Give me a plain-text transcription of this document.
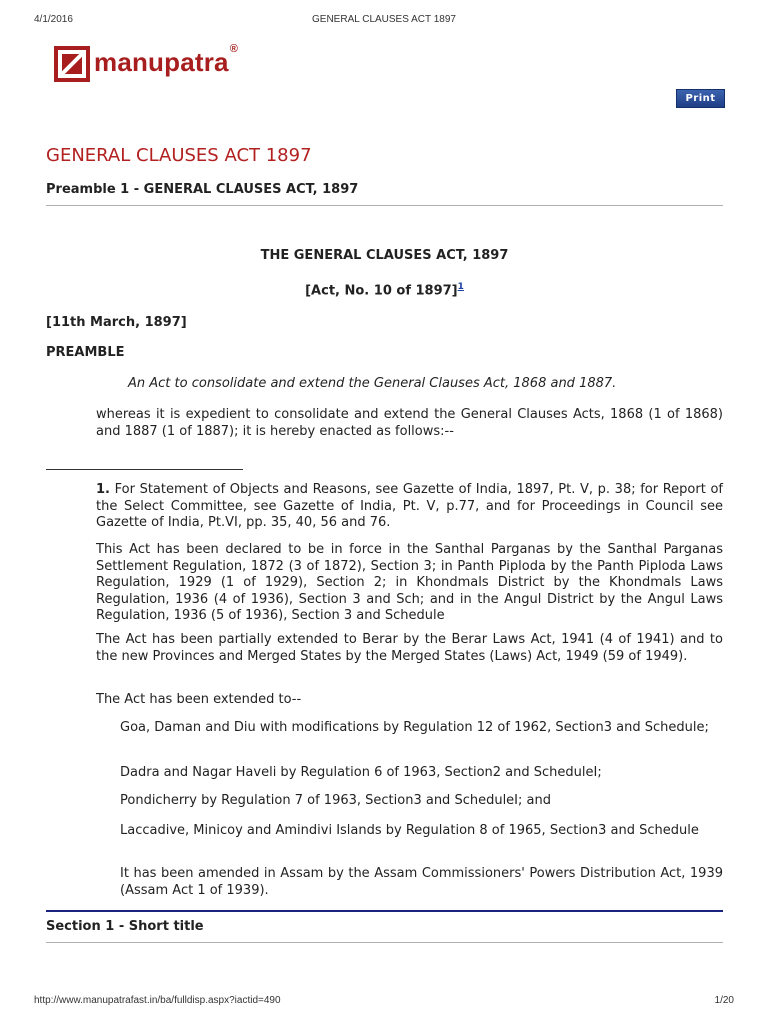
4/1/2016	GENERAL CLAUSES ACT 1897
manupatra®
Print
GENERAL CLAUSES ACT 1897
Preamble 1 - GENERAL CLAUSES ACT, 1897
THE GENERAL CLAUSES ACT, 1897
[Act, No. 10 of 1897]$^1$
[11th March, 1897]
PREAMBLE
An Act to consolidate and extend the General Clauses Act, 1868 and 1887.
whereas it is expedient to consolidate and extend the General Clauses Acts, 1868 (1 of 1868) and 1887 (1 of 1887); it is hereby enacted as follows:--
1. For Statement of Objects and Reasons, see Gazette of India, 1897, Pt. V, p. 38; for Report of the Select Committee, see Gazette of India, Pt. V, p.77, and for Proceedings in Council see Gazette of India, Pt.VI, pp. 35, 40, 56 and 76.
This Act has been declared to be in force in the Santhal Parganas by the Santhal Parganas Settlement Regulation, 1872 (3 of 1872), Section 3; in Panth Piploda by the Panth Piploda Laws Regulation, 1929 (1 of 1929), Section 2; in Khondmals District by the Khondmals Laws Regulation, 1936 (4 of 1936), Section 3 and Sch; and in the Angul District by the Angul Laws Regulation, 1936 (5 of 1936), Section 3 and Schedule
The Act has been partially extended to Berar by the Berar Laws Act, 1941 (4 of 1941) and to the new Provinces and Merged States by the Merged States (Laws) Act, 1949 (59 of 1949).
The Act has been extended to--
Goa, Daman and Diu with modifications by Regulation 12 of 1962, Section3 and Schedule;
Dadra and Nagar Haveli by Regulation 6 of 1963, Section2 and ScheduleI;
Pondicherry by Regulation 7 of 1963, Section3 and ScheduleI; and
Laccadive, Minicoy and Amindivi Islands by Regulation 8 of 1965, Section3 and Schedule
It has been amended in Assam by the Assam Commissioners' Powers Distribution Act, 1939 (Assam Act 1 of 1939).
Section 1 - Short title
http://www.manupatrafast.in/ba/fulldisp.aspx?iactid=490	1/20
